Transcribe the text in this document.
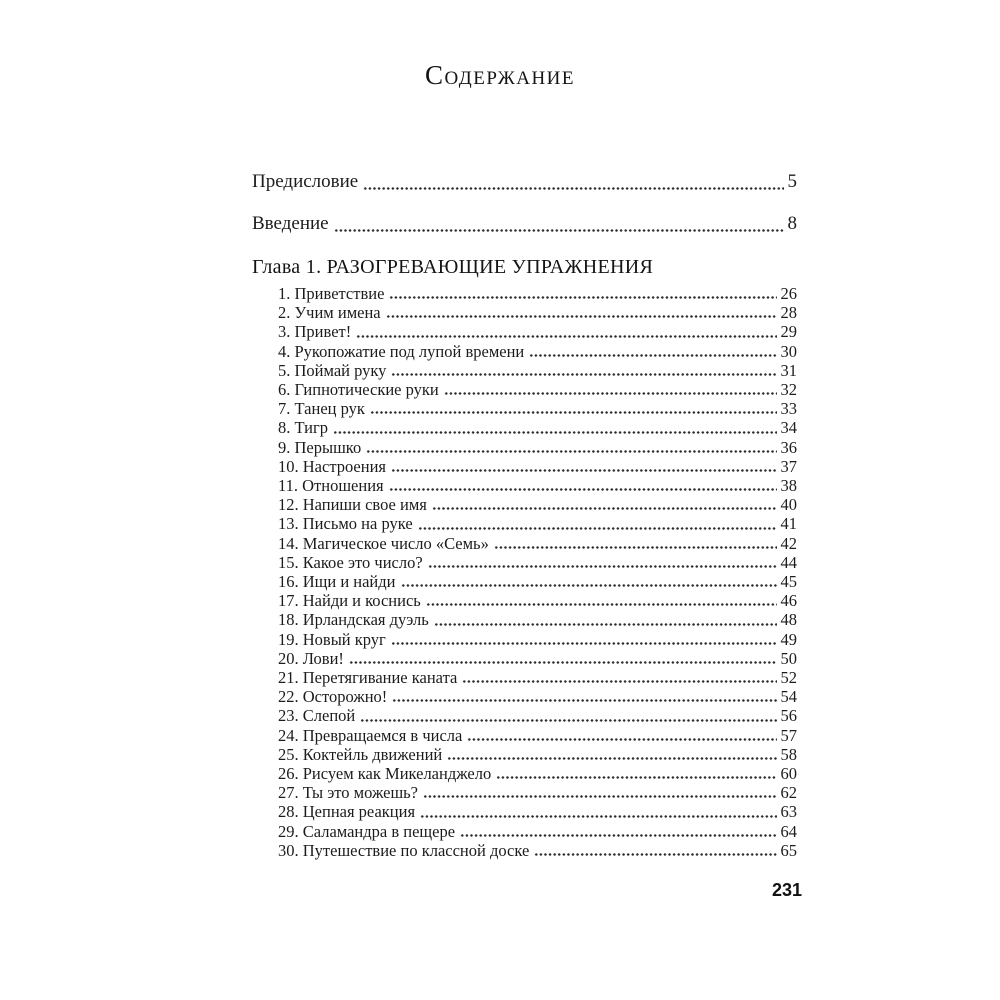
Содержание
Предисловие	5
Введение	8
Глава 1. РАЗОГРЕВАЮЩИЕ УПРАЖНЕНИЯ
1. Приветствие	26
2. Учим имена	28
3. Привет!	29
4. Рукопожатие под лупой времени	30
5. Поймай руку	31
6. Гипнотические руки	32
7. Танец рук	33
8. Тигр	34
9. Перышко	36
10. Настроения	37
11. Отношения	38
12. Напиши свое имя	40
13. Письмо на руке	41
14. Магическое число «Семь»	42
15. Какое это число?	44
16. Ищи и найди	45
17. Найди и коснись	46
18. Ирландская дуэль	48
19. Новый круг	49
20. Лови!	50
21. Перетягивание каната	52
22. Осторожно!	54
23. Слепой	56
24. Превращаемся в числа	57
25. Коктейль движений	58
26. Рисуем как Микеланджело	60
27. Ты это можешь?	62
28. Цепная реакция	63
29. Саламандра в пещере	64
30. Путешествие по классной доске	65
231
